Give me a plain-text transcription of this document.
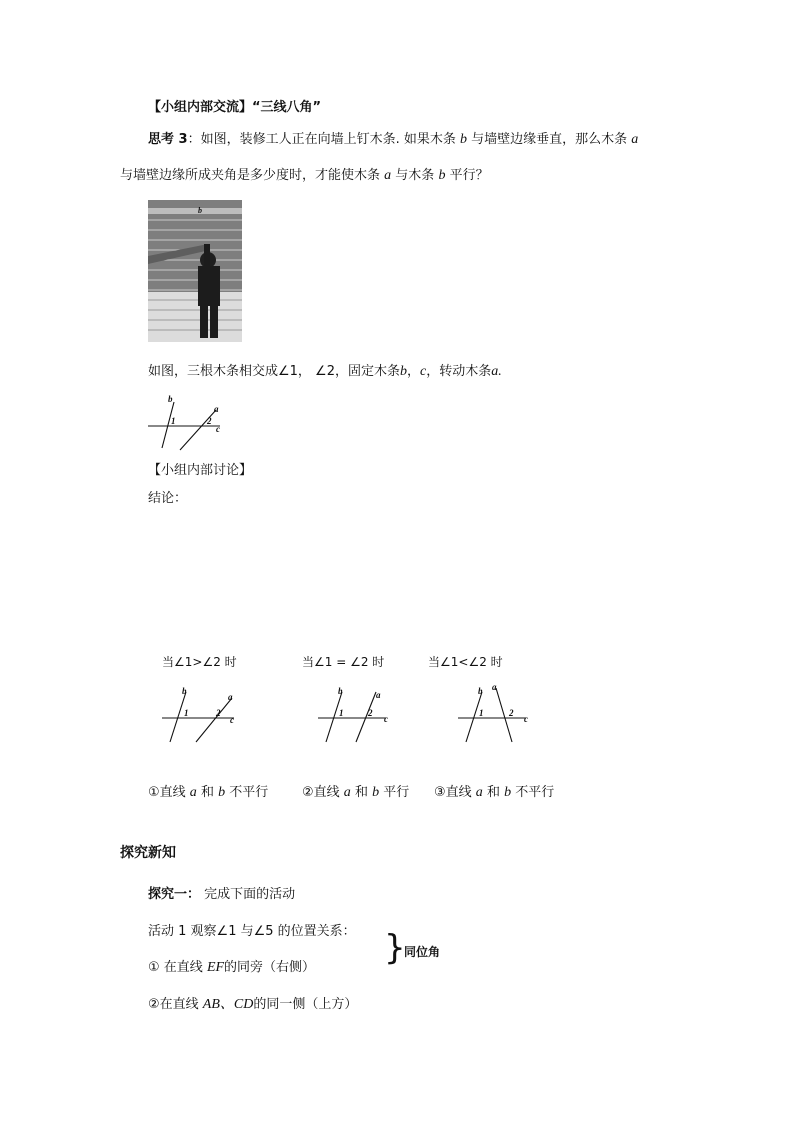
【小组内部交流】“三线八角”
思考 3：如图，装修工人正在向墙上钉木条. 如果木条 b 与墙壁边缘垂直，那么木条 a
与墙壁边缘所成夹角是多少度时，才能使木条 a 与木条 b 平行？
b
如图，三根木条相交成∠1， ∠2，固定木条b，c，转动木条a.
b
a
c
1	2
【小组内部讨论】
结论：
当∠1>∠2 时	当∠1 = ∠2 时	当∠1<∠2 时
b
a
c
1	2
b	a
c
1	2
b a
c
1	2
①直线 a 和 b 不平行	②直线 a 和 b 平行 ③直线 a 和 b 不平行
探究新知
探究一： 完成下面的活动
活动 1 观察∠1 与∠5 的位置关系：
① 在直线 EF的同旁（右侧） }
同位角
②在直线 AB、CD的同一侧（上方）
